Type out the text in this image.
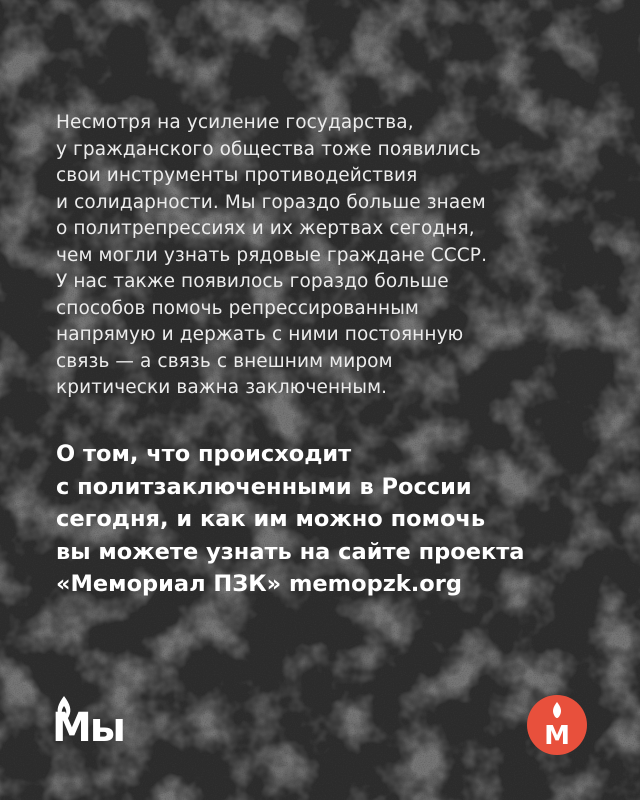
Несмотря на усиление государства,
у гражданского общества тоже появились
свои инструменты противодействия
и солидарности. Мы гораздо больше знаем
о политрепрессиях и их жертвах сегодня,
чем могли узнать рядовые граждане СССР.
У нас также появилось гораздо больше
способов помочь репрессированным
напрямую и держать с ними постоянную
связь — а связь с внешним миром
критически важна заключенным.
О том, что происходит
с политзаключенными в России
сегодня, и как им можно помочь
вы можете узнать на сайте проекта
«Мемориал ПЗК» memopzk.org
Мы	М
